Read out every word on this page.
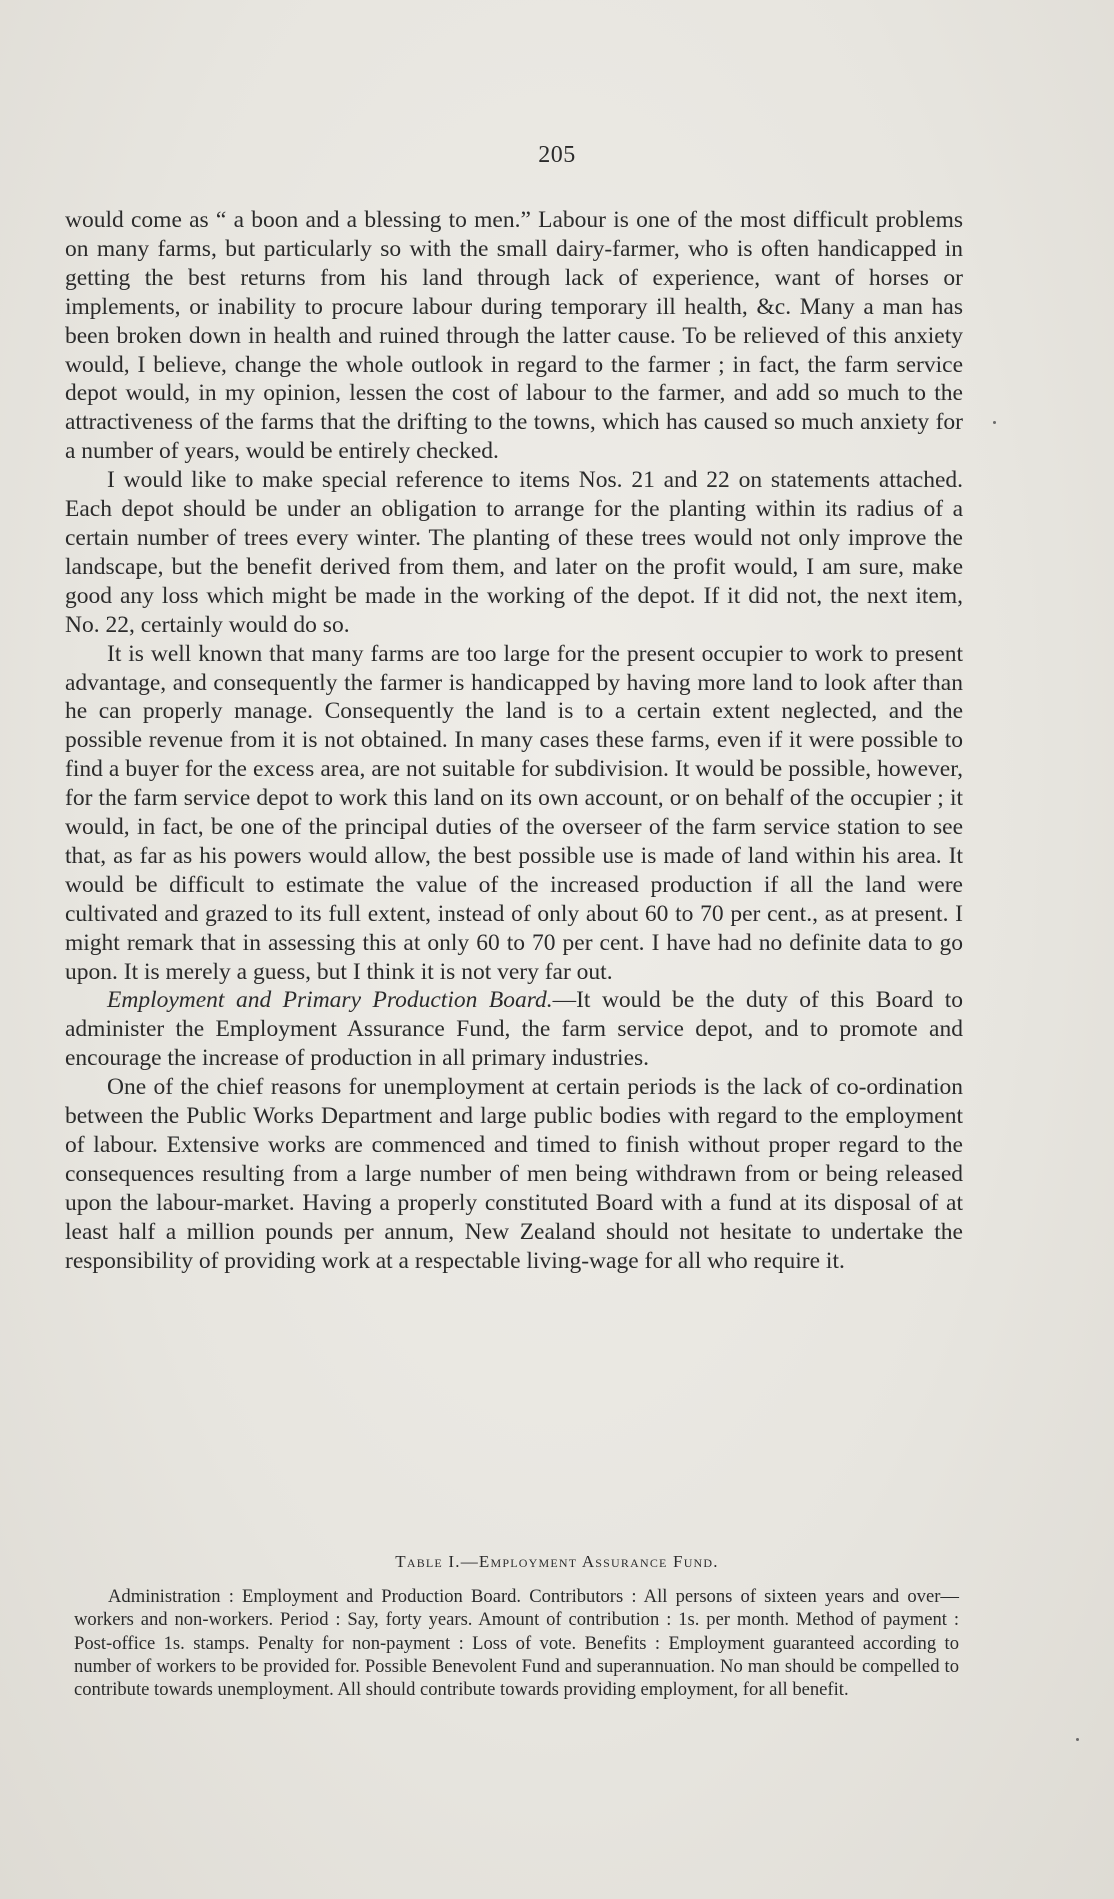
205

would come as “ a boon and a blessing to men.” Labour is one of the most difficult problems on many farms, but particularly so with the small dairy-farmer, who is often handicapped in getting the best returns from his land through lack of experience, want of horses or implements, or inability to procure labour during temporary ill health, &c. Many a man has been broken down in health and ruined through the latter cause. To be relieved of this anxiety would, I believe, change the whole outlook in regard to the farmer ; in fact, the farm service depot would, in my opinion, lessen the cost of labour to the farmer, and add so much to the attractiveness of the farms that the drifting to the towns, which has caused so much anxiety for a number of years, would be entirely checked.

I would like to make special reference to items Nos. 21 and 22 on statements attached. Each depot should be under an obligation to arrange for the planting within its radius of a certain number of trees every winter. The planting of these trees would not only improve the landscape, but the benefit derived from them, and later on the profit would, I am sure, make good any loss which might be made in the working of the depot. If it did not, the next item, No. 22, certainly would do so.

It is well known that many farms are too large for the present occupier to work to present advantage, and consequently the farmer is handicapped by having more land to look after than he can properly manage. Consequently the land is to a certain extent neglected, and the possible revenue from it is not obtained. In many cases these farms, even if it were possible to find a buyer for the excess area, are not suitable for subdivision. It would be possible, however, for the farm service depot to work this land on its own account, or on behalf of the occupier ; it would, in fact, be one of the principal duties of the overseer of the farm service station to see that, as far as his powers would allow, the best possible use is made of land within his area. It would be difficult to estimate the value of the increased production if all the land were cultivated and grazed to its full extent, instead of only about 60 to 70 per cent., as at present. I might remark that in assessing this at only 60 to 70 per cent. I have had no definite data to go upon. It is merely a guess, but I think it is not very far out.

Employment and Primary Production Board.—It would be the duty of this Board to administer the Employment Assurance Fund, the farm service depot, and to promote and encourage the increase of production in all primary industries.

One of the chief reasons for unemployment at certain periods is the lack of co-ordination between the Public Works Department and large public bodies with regard to the employment of labour. Extensive works are commenced and timed to finish without proper regard to the consequences resulting from a large number of men being withdrawn from or being released upon the labour-market. Having a properly constituted Board with a fund at its disposal of at least half a million pounds per annum, New Zealand should not hesitate to undertake the responsibility of providing work at a respectable living-wage for all who require it.

Table I.—Employment Assurance Fund.
Administration : Employment and Production Board. Contributors : All persons of sixteen years and over—workers and non-workers. Period : Say, forty years. Amount of contribution : 1s. per month. Method of payment : Post-office 1s. stamps. Penalty for non-payment : Loss of vote. Benefits : Employment guaranteed according to number of workers to be provided for. Possible Benevolent Fund and superannuation. No man should be compelled to contribute towards unemployment. All should contribute towards providing employment, for all benefit.
